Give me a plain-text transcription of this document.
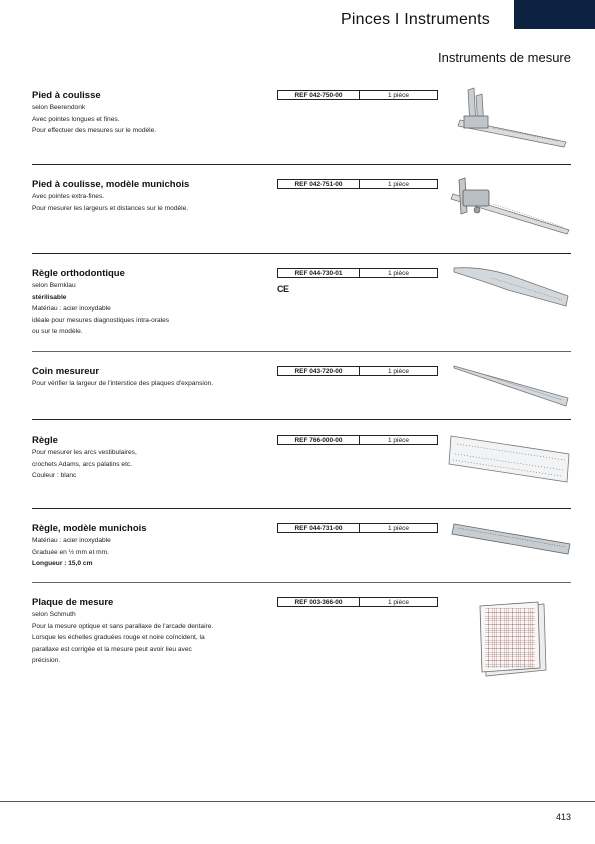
Pinces I Instruments
Instruments de mesure
Pied à coulisse
selon Beerendonk
Avec pointes longues et fines.
Pour effectuer des mesures sur le modèle.
REF 042-750-00	1 pièce
Pied à coulisse, modèle munichois
Avec pointes extra-fines.
Pour mesurer les largeurs et distances sur le modèle.
REF 042-751-00	1 pièce
Règle orthodontique
selon Bernklau
stérilisable
Matériau : acier inoxydable
idéale pour mesures diagnostiques intra-orales
ou sur le modèle.
REF 044-730-01	1 pièce
CE
Coin mesureur
Pour vérifier la largeur de l'interstice des plaques d'expansion.
REF 043-720-00	1 pièce
Règle
Pour mesurer les arcs vestibulaires,
crochets Adams, arcs palatins etc.
Couleur : blanc
REF 766-000-00	1 pièce
Règle, modèle munichois
Matériau : acier inoxydable
Graduée en ½ mm et mm.
Longueur : 15,0 cm
REF 044-731-00	1 pièce
Plaque de mesure
selon Schmuth
Pour la mesure optique et sans parallaxe de l'arcade dentaire.
Lorsque les échelles graduées rouge et noire coïncident, la
parallaxe est corrigée et la mesure peut avoir lieu avec
précision.
REF 003-366-00	1 pièce
413
